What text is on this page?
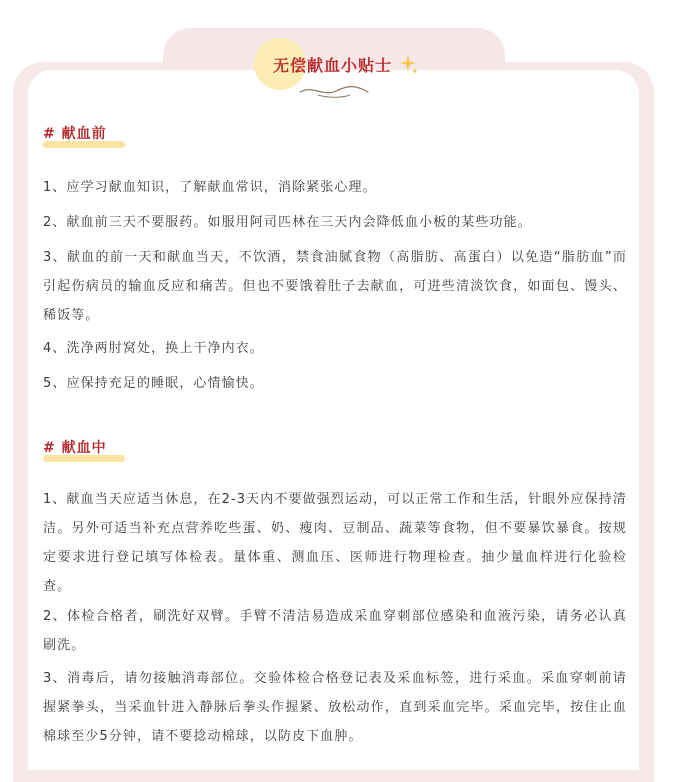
无偿献血小贴士
# 献血前

1、应学习献血知识，了解献血常识，消除紧张心理。

2、献血前三天不要服药。如服用阿司匹林在三天内会降低血小板的某些功能。

3、献血的前一天和献血当天，不饮酒，禁食油腻食物（高脂肪、高蛋白）以免造“脂肪血”而引起伤病员的输血反应和痛苦。但也不要饿着肚子去献血，可进些清淡饮食，如面包、馒头、稀饭等。

4、洗净两肘窝处，换上干净内衣。

5、应保持充足的睡眠，心情愉快。

# 献血中

1、献血当天应适当休息，在2-3天内不要做强烈运动，可以正常工作和生活，针眼外应保持清洁。另外可适当补充点营养吃些蛋、奶、瘦肉、豆制品、蔬菜等食物，但不要暴饮暴食。按规定要求进行登记填写体检表。量体重、测血压、医师进行物理检查。抽少量血样进行化验检查。

2、体检合格者，刷洗好双臂。手臂不清洁易造成采血穿刺部位感染和血液污染，请务必认真刷洗。

3、消毒后，请勿接触消毒部位。交验体检合格登记表及采血标签，进行采血。采血穿刺前请握紧拳头，当采血针进入静脉后拳头作握紧、放松动作，直到采血完毕。采血完毕，按住止血棉球至少5分钟，请不要捻动棉球，以防皮下血肿。
